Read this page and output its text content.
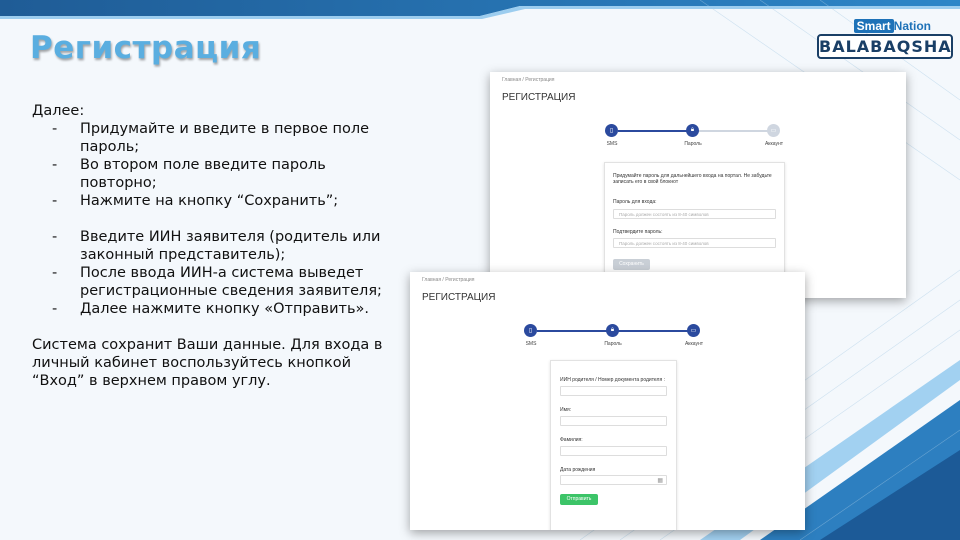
Регистрация
Smart Nation
BALABAQSHA

Далее:

- Придумайте и введите в первое поле пароль;
- Во втором поле введите пароль повторно;
- Нажмите на кнопку “Сохранить”;
- Введите ИИН заявителя (родитель или законный представитель);
- После ввода ИИН-а система выведет регистрационные сведения заявителя;
- Далее нажмите кнопку «Отправить».

Система сохранит Ваши данные. Для входа в личный кабинет воспользуйтесь кнопкой “Вход” в верхнем правом углу.

Главная / Регистрация
РЕГИСТРАЦИЯ
▯	🔒︎	▭
SMS	Пароль	Аккаунт
Придумайте пароль для дальнейшего входа на портал. Не забудьте записать его в свой блокнот
Пароль для входа:
Пароль должен состоять из 8-40 символов
Подтвердите пароль:
Пароль должен состоять из 8-40 символов
Сохранить
Главная / Регистрация
РЕГИСТРАЦИЯ
▯	🔒︎	▭
SMS	Пароль	Аккаунт
ИИН родителя / Номер документа родителя :
Имя:
Фамилия:
Дата рождения
▦
Отправить
